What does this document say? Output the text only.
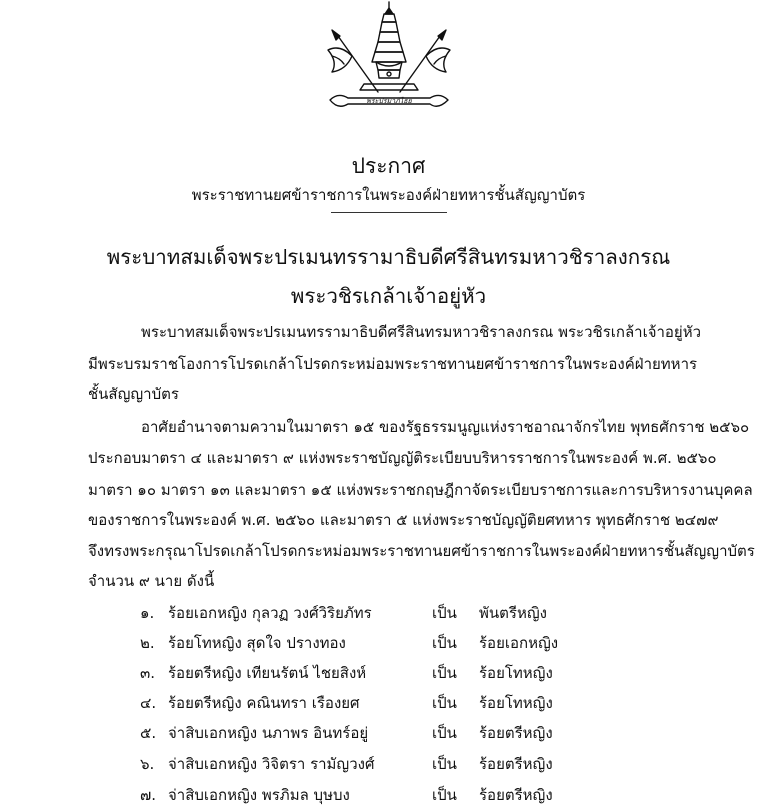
พระปรมาภิไธย
ประกาศ
พระราชทานยศข้าราชการในพระองค์ฝ่ายทหารชั้นสัญญาบัตร
พระบาทสมเด็จพระปรเมนทรรามาธิบดีศรีสินทรมหาวชิราลงกรณ
พระวชิรเกล้าเจ้าอยู่หัว
พระบาทสมเด็จพระปรเมนทรรามาธิบดีศรีสินทรมหาวชิราลงกรณ พระวชิรเกล้าเจ้าอยู่หัว
มีพระบรมราชโองการโปรดเกล้าโปรดกระหม่อมพระราชทานยศข้าราชการในพระองค์ฝ่ายทหาร
ชั้นสัญญาบัตร
อาศัยอำนาจตามความในมาตรา ๑๕ ของรัฐธรรมนูญแห่งราชอาณาจักรไทย พุทธศักราช ๒๕๖๐
ประกอบมาตรา ๔ และมาตรา ๙ แห่งพระราชบัญญัติระเบียบบริหารราชการในพระองค์ พ.ศ. ๒๕๖๐
มาตรา ๑๐ มาตรา ๑๓ และมาตรา ๑๕ แห่งพระราชกฤษฎีกาจัดระเบียบราชการและการบริหารงานบุคคล
ของราชการในพระองค์ พ.ศ. ๒๕๖๐ และมาตรา ๕ แห่งพระราชบัญญัติยศทหาร พุทธศักราช ๒๔๗๙
จึงทรงพระกรุณาโปรดเกล้าโปรดกระหม่อมพระราชทานยศข้าราชการในพระองค์ฝ่ายทหารชั้นสัญญาบัตร
จำนวน ๙ นาย ดังนี้
๑. ร้อยเอกหญิง กุลวฏ วงศ์วิริยภัทร	เป็น พันตรีหญิง
๒. ร้อยโทหญิง สุดใจ ปรางทอง	เป็น ร้อยเอกหญิง
๓. ร้อยตรีหญิง เทียนรัตน์ ไชยสิงห์	เป็น ร้อยโทหญิง
๔. ร้อยตรีหญิง คณินทรา เรืองยศ	เป็น ร้อยโทหญิง
๕. จ่าสิบเอกหญิง นภาพร อินทร์อยู่	เป็น ร้อยตรีหญิง
๖. จ่าสิบเอกหญิง วิจิตรา รามัญวงศ์	เป็น ร้อยตรีหญิง
๗. จ่าสิบเอกหญิง พรภิมล บุษบง	เป็น ร้อยตรีหญิง
